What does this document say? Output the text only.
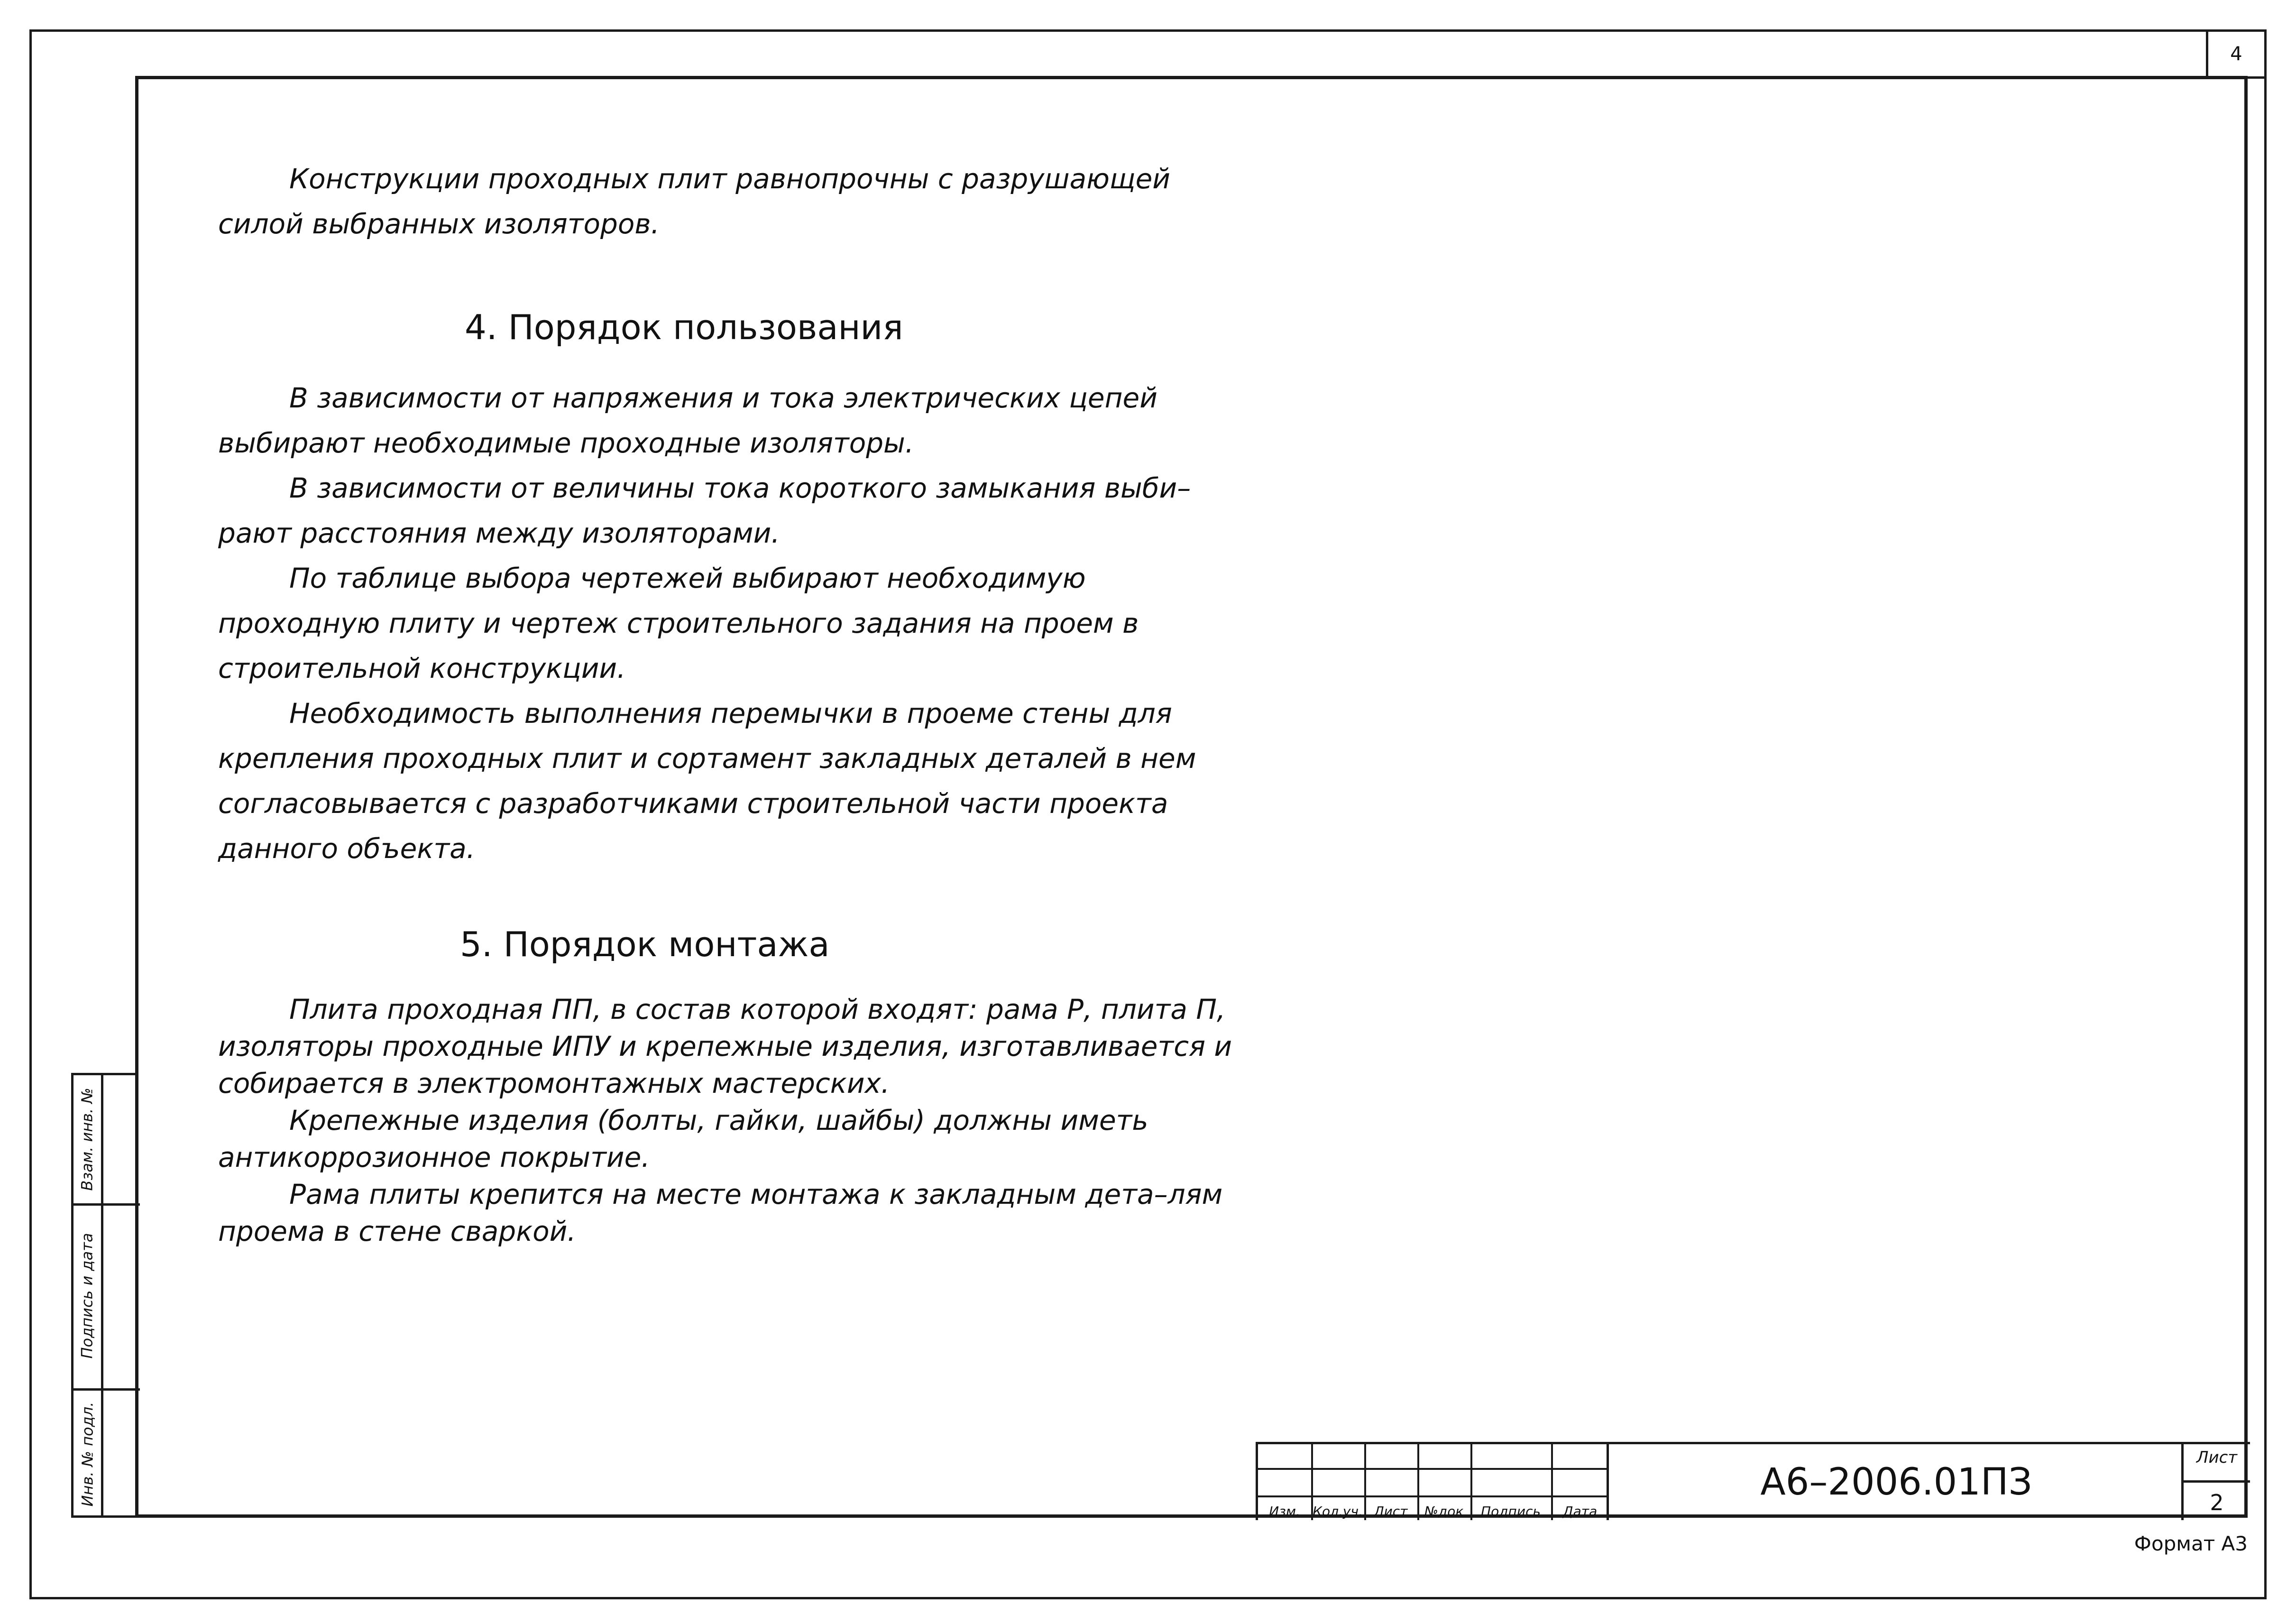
4

Конструкции проходных плит равнопрочны с разрушающей силой выбранных изоляторов.

4. Порядок пользования

В зависимости от напряжения и тока электрических цепей выбирают необходимые проходные изоляторы.

В зависимости от величины тока короткого замыкания выби–рают расстояния между изоляторами.

По таблице выбора чертежей выбирают необходимую проходную плиту и чертеж строительного задания на проем в строительной конструкции.

Необходимость выполнения перемычки в проеме стены для крепления проходных плит и сортамент закладных деталей в нем согласовывается с разработчиками строительной части проекта данного объекта.

5. Порядок монтажа

Плита проходная ПП, в состав которой входят: рама Р, плита П, изоляторы проходные ИПУ и крепежные изделия, изготавливается и собирается в электромонтажных мастерских.

Крепежные изделия (болты, гайки, шайбы) должны иметь антикоррозионное покрытие.

Рама плиты крепится на месте монтажа к закладным дета–лям проема в стене сваркой.

Взам. инв. №
Подпись и дата
Инв. № подл.
Изм. Кол.уч. Лист	№док	Подпись	Дата
А6–2006.01ПЗ
Лист
2
Формат А3
